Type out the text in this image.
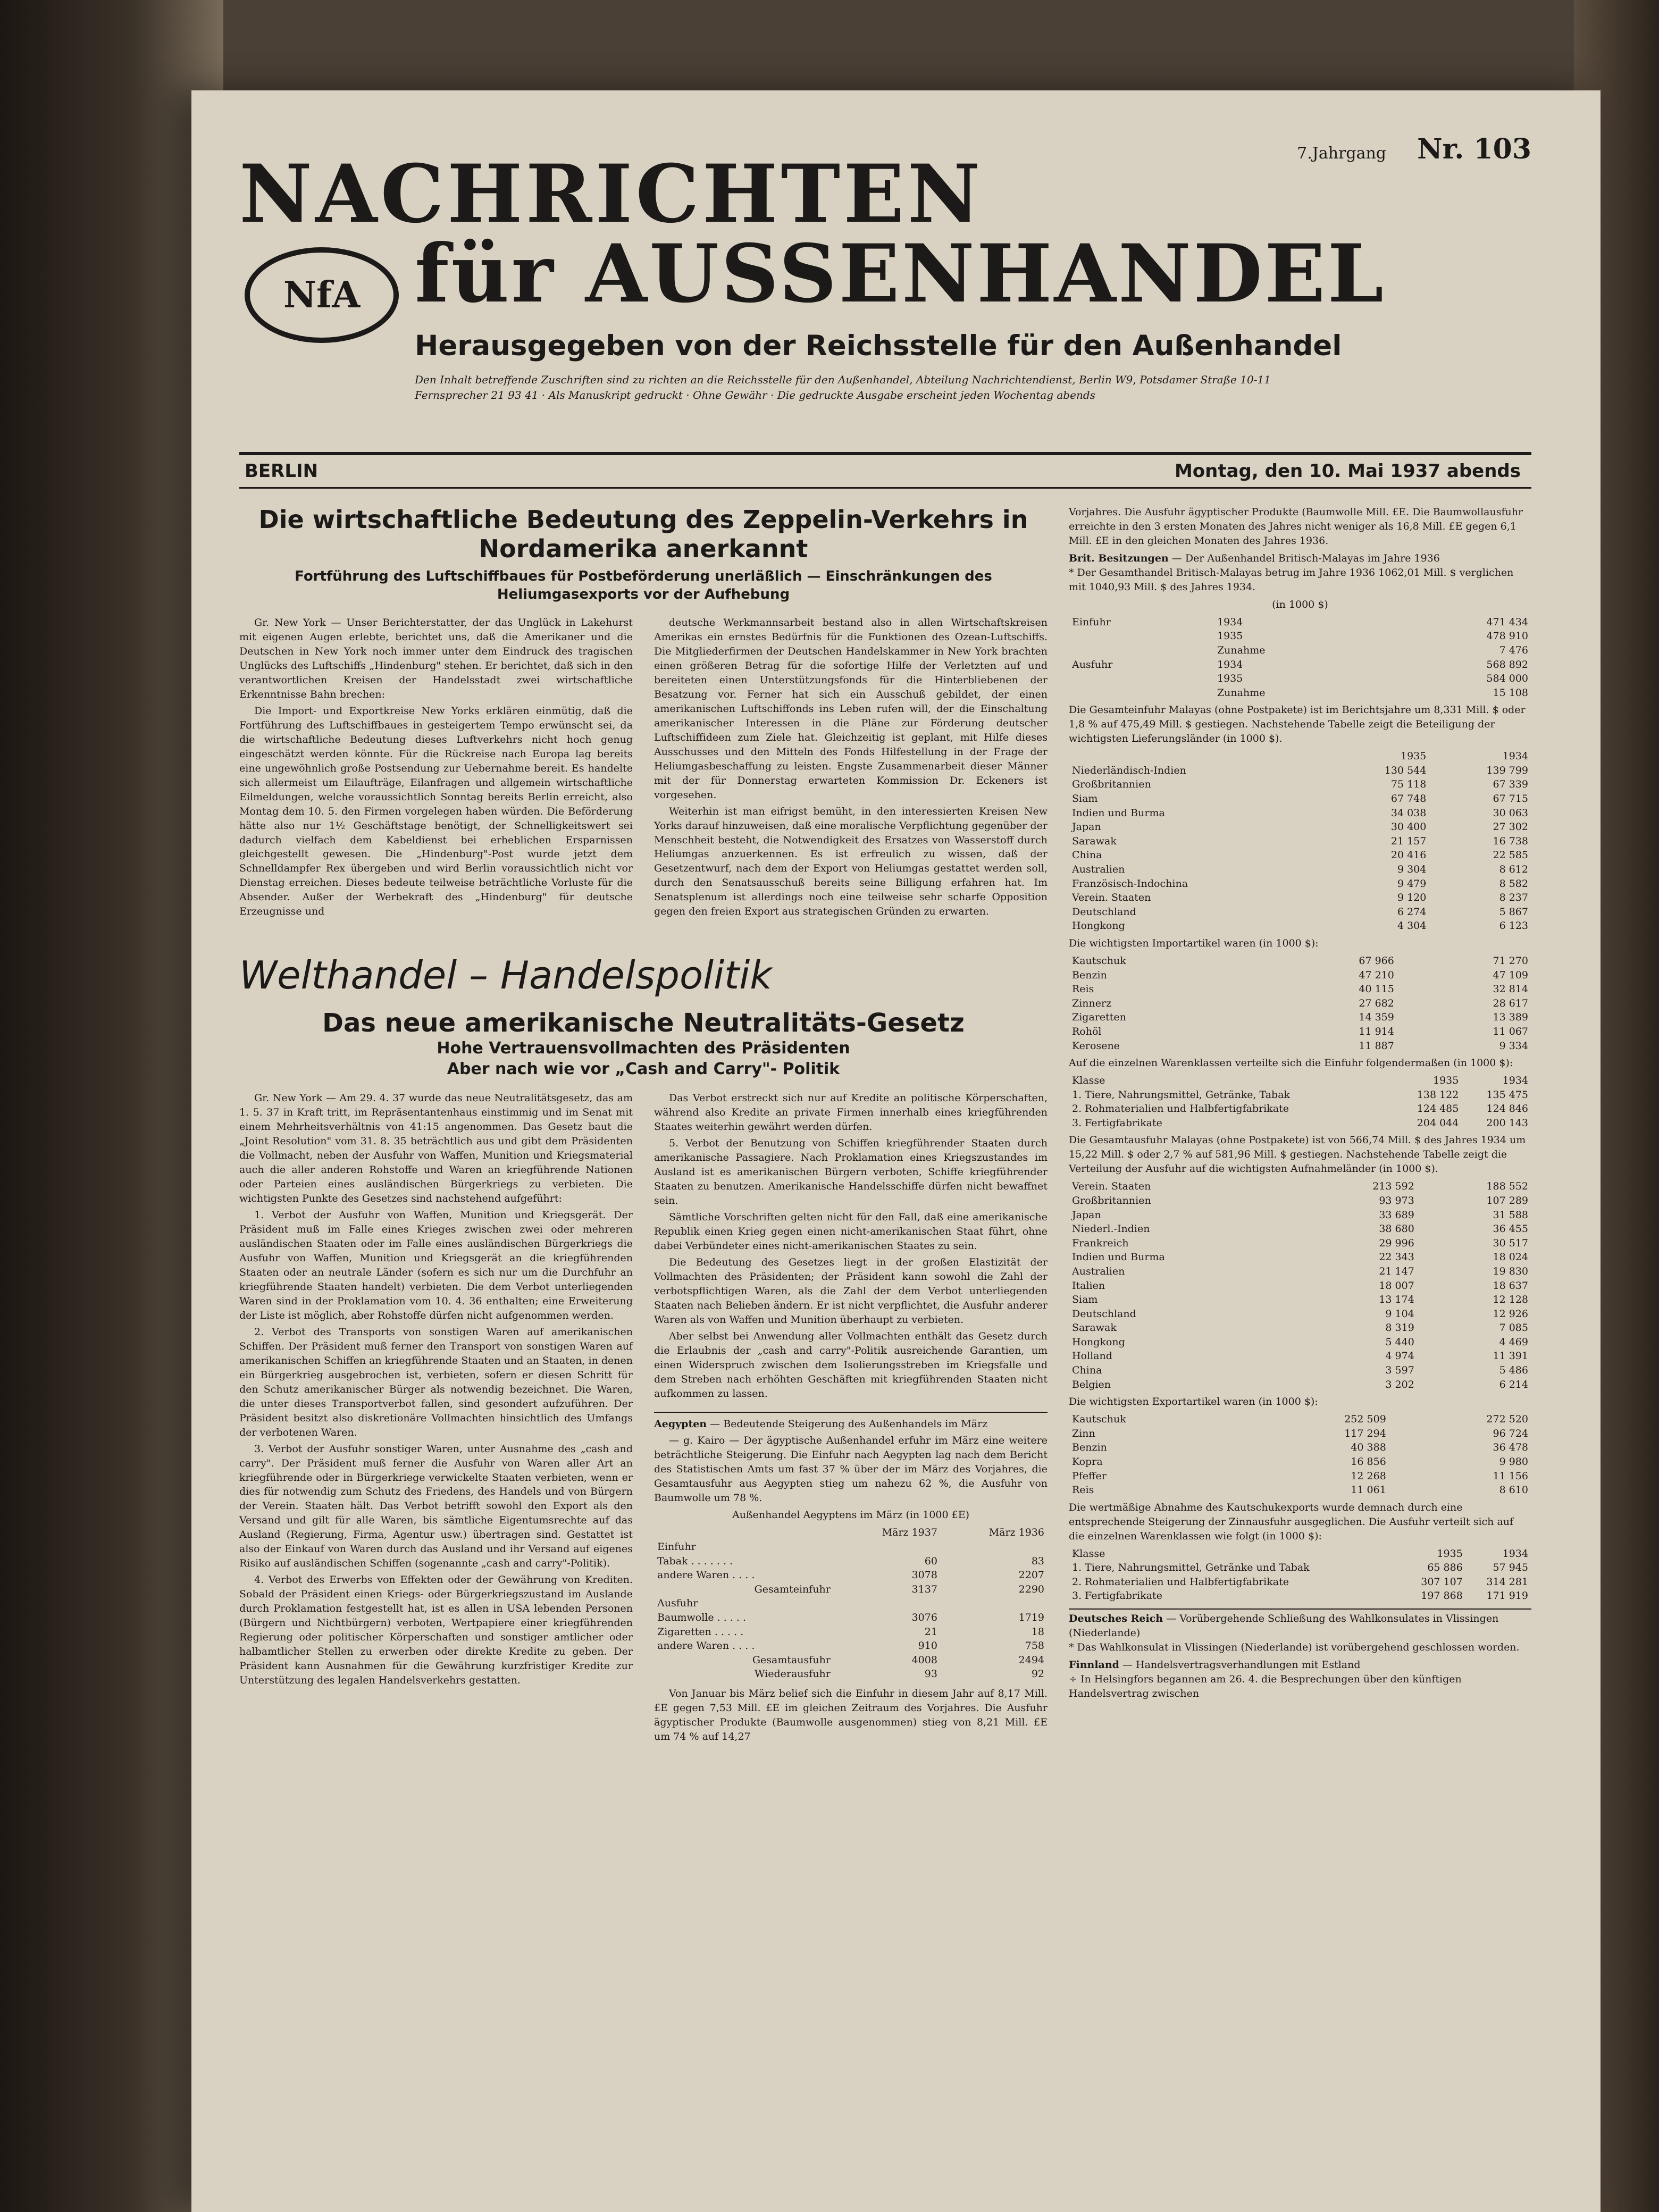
NACHRICHTEN
NfA für AUSSENHANDEL
7.Jahrgang Nr. 103
Herausgegeben von der Reichsstelle für den Außenhandel
Den Inhalt betreffende Zuschriften sind zu richten an die Reichsstelle für den Außenhandel, Abteilung Nachrichtendienst, Berlin W9, Potsdamer Straße 10-11
Fernsprecher 21 93 41 · Als Manuskript gedruckt · Ohne Gewähr · Die gedruckte Ausgabe erscheint jeden Wochentag abends
BERLIN	Montag, den 10. Mai 1937 abends
Die wirtschaftliche Bedeutung des Zeppelin-Verkehrs in Nordamerika anerkannt
Fortführung des Luftschiffbaues für Postbeförderung unerläßlich — Einschränkungen des Heliumgasexports vor der Aufhebung

Gr. New York — Unser Berichterstatter, der das Unglück in Lakehurst mit eigenen Augen erlebte, berichtet uns, daß die Amerikaner und die Deutschen in New York noch immer unter dem Eindruck des tragischen Unglücks des Luftschiffs „Hindenburg" stehen. Er berichtet, daß sich in den verantwortlichen Kreisen der Handelsstadt zwei wirtschaftliche Erkenntnisse Bahn brechen:

Die Import- und Exportkreise New Yorks erklären einmütig, daß die Fortführung des Luftschiffbaues in gesteigertem Tempo erwünscht sei, da die wirtschaftliche Bedeutung dieses Luftverkehrs nicht hoch genug eingeschätzt werden könnte. Für die Rückreise nach Europa lag bereits eine ungewöhnlich große Postsendung zur Uebernahme bereit. Es handelte sich allermeist um Eilaufträge, Eilanfragen und allgemein wirtschaftliche Eilmeldungen, welche voraussichtlich Sonntag bereits Berlin erreicht, also Montag dem 10. 5. den Firmen vorgelegen haben würden. Die Beförderung hätte also nur 1½ Geschäftstage benötigt, der Schnelligkeitswert sei dadurch vielfach dem Kabeldienst bei erheblichen Ersparnissen gleichgestellt gewesen. Die „Hindenburg"-Post wurde jetzt dem Schnelldampfer Rex übergeben und wird Berlin voraussichtlich nicht vor Dienstag erreichen. Dieses bedeute teilweise beträchtliche Vorluste für die Absender. Außer der Werbekraft des „Hindenburg" für deutsche Erzeugnisse und

deutsche Werkmannsarbeit bestand also in allen Wirtschaftskreisen Amerikas ein ernstes Bedürfnis für die Funktionen des Ozean-Luftschiffs. Die Mitgliederfirmen der Deutschen Handelskammer in New York brachten einen größeren Betrag für die sofortige Hilfe der Verletzten auf und bereiteten einen Unterstützungsfonds für die Hinterbliebenen der Besatzung vor. Ferner hat sich ein Ausschuß gebildet, der einen amerikanischen Luftschiffonds ins Leben rufen will, der die Einschaltung amerikanischer Interessen in die Pläne zur Förderung deutscher Luftschiffideen zum Ziele hat. Gleichzeitig ist geplant, mit Hilfe dieses Ausschusses und den Mitteln des Fonds Hilfestellung in der Frage der Heliumgasbeschaffung zu leisten. Engste Zusammenarbeit dieser Männer mit der für Donnerstag erwarteten Kommission Dr. Eckeners ist vorgesehen.

Weiterhin ist man eifrigst bemüht, in den interessierten Kreisen New Yorks darauf hinzuweisen, daß eine moralische Verpflichtung gegenüber der Menschheit besteht, die Notwendigkeit des Ersatzes von Wasserstoff durch Heliumgas anzuerkennen. Es ist erfreulich zu wissen, daß der Gesetzentwurf, nach dem der Export von Heliumgas gestattet werden soll, durch den Senatsausschuß bereits seine Billigung erfahren hat. Im Senatsplenum ist allerdings noch eine teilweise sehr scharfe Opposition gegen den freien Export aus strategischen Gründen zu erwarten.

Welthandel – Handelspolitik
Das neue amerikanische Neutralitäts-Gesetz
Hohe Vertrauensvollmachten des Präsidenten
Aber nach wie vor „Cash and Carry"- Politik

Gr. New York — Am 29. 4. 37 wurde das neue Neutralitätsgesetz, das am 1. 5. 37 in Kraft tritt, im Repräsentantenhaus einstimmig und im Senat mit einem Mehrheitsverhältnis von 41:15 angenommen. Das Gesetz baut die „Joint Resolution" vom 31. 8. 35 beträchtlich aus und gibt dem Präsidenten die Vollmacht, neben der Ausfuhr von Waffen, Munition und Kriegsmaterial auch die aller anderen Rohstoffe und Waren an kriegführende Nationen oder Parteien eines ausländischen Bürgerkriegs zu verbieten. Die wichtigsten Punkte des Gesetzes sind nachstehend aufgeführt:

1. Verbot der Ausfuhr von Waffen, Munition und Kriegsgerät. Der Präsident muß im Falle eines Krieges zwischen zwei oder mehreren ausländischen Staaten oder im Falle eines ausländischen Bürgerkriegs die Ausfuhr von Waffen, Munition und Kriegsgerät an die kriegführenden Staaten oder an neutrale Länder (sofern es sich nur um die Durchfuhr an kriegführende Staaten handelt) verbieten. Die dem Verbot unterliegenden Waren sind in der Proklamation vom 10. 4. 36 enthalten; eine Erweiterung der Liste ist möglich, aber Rohstoffe dürfen nicht aufgenommen werden.

2. Verbot des Transports von sonstigen Waren auf amerikanischen Schiffen. Der Präsident muß ferner den Transport von sonstigen Waren auf amerikanischen Schiffen an kriegführende Staaten und an Staaten, in denen ein Bürgerkrieg ausgebrochen ist, verbieten, sofern er diesen Schritt für den Schutz amerikanischer Bürger als notwendig bezeichnet. Die Waren, die unter dieses Transportverbot fallen, sind gesondert aufzuführen. Der Präsident besitzt also diskretionäre Vollmachten hinsichtlich des Umfangs der verbotenen Waren.

3. Verbot der Ausfuhr sonstiger Waren, unter Ausnahme des „cash and carry". Der Präsident muß ferner die Ausfuhr von Waren aller Art an kriegführende oder in Bürgerkriege verwickelte Staaten verbieten, wenn er dies für notwendig zum Schutz des Friedens, des Handels und von Bürgern der Verein. Staaten hält. Das Verbot betrifft sowohl den Export als den Versand und gilt für alle Waren, bis sämtliche Eigentumsrechte auf das Ausland (Regierung, Firma, Agentur usw.) übertragen sind. Gestattet ist also der Einkauf von Waren durch das Ausland und ihr Versand auf eigenes Risiko auf ausländischen Schiffen (sogenannte „cash and carry"-Politik).

4. Verbot des Erwerbs von Effekten oder der Gewährung von Krediten. Sobald der Präsident einen Kriegs- oder Bürgerkriegszustand im Auslande durch Proklamation festgestellt hat, ist es allen in USA lebenden Personen (Bürgern und Nichtbürgern) verboten, Wertpapiere einer kriegführenden Regierung oder politischer Körperschaften und sonstiger amtlicher oder halbamtlicher Stellen zu erwerben oder direkte Kredite zu geben. Der Präsident kann Ausnahmen für die Gewährung kurzfristiger Kredite zur Unterstützung des legalen Handelsverkehrs gestatten.

Das Verbot erstreckt sich nur auf Kredite an politische Körperschaften, während also Kredite an private Firmen innerhalb eines kriegführenden Staates weiterhin gewährt werden dürfen.

5. Verbot der Benutzung von Schiffen kriegführender Staaten durch amerikanische Passagiere. Nach Proklamation eines Kriegszustandes im Ausland ist es amerikanischen Bürgern verboten, Schiffe kriegführender Staaten zu benutzen. Amerikanische Handelsschiffe dürfen nicht bewaffnet sein.

Sämtliche Vorschriften gelten nicht für den Fall, daß eine amerikanische Republik einen Krieg gegen einen nicht-amerikanischen Staat führt, ohne dabei Verbündeter eines nicht-amerikanischen Staates zu sein.

Die Bedeutung des Gesetzes liegt in der großen Elastizität der Vollmachten des Präsidenten; der Präsident kann sowohl die Zahl der verbotspflichtigen Waren, als die Zahl der dem Verbot unterliegenden Staaten nach Belieben ändern. Er ist nicht verpflichtet, die Ausfuhr anderer Waren als von Waffen und Munition überhaupt zu verbieten.

Aber selbst bei Anwendung aller Vollmachten enthält das Gesetz durch die Erlaubnis der „cash and carry"-Politik ausreichende Garantien, um einen Widerspruch zwischen dem Isolierungsstreben im Kriegsfalle und dem Streben nach erhöhten Geschäften mit kriegführenden Staaten nicht aufkommen zu lassen.

Aegypten — Bedeutende Steigerung des Außenhandels im März

— g. Kairo — Der ägyptische Außenhandel erfuhr im März eine weitere beträchtliche Steigerung. Die Einfuhr nach Aegypten lag nach dem Bericht des Statistischen Amts um fast 37 % über der im März des Vorjahres, die Gesamtausfuhr aus Aegypten stieg um nahezu 62 %, die Ausfuhr von Baumwolle um 78 %.

Außenhandel Aegyptens im März (in 1000 £E)
	März 1937	März 1936
Einfuhr		
Tabak . . . . . . .	60	83
andere Waren . . . .	3078	2207
Gesamteinfuhr	3137	2290
Ausfuhr		
Baumwolle . . . . .	3076	1719
Zigaretten . . . . .	21	18
andere Waren . . . .	910	758
Gesamtausfuhr	4008	2494
Wiederausfuhr	93	92

Von Januar bis März belief sich die Einfuhr in diesem Jahr auf 8,17 Mill. £E gegen 7,53 Mill. £E im gleichen Zeitraum des Vorjahres. Die Ausfuhr ägyptischer Produkte (Baumwolle ausgenommen) stieg von 8,21 Mill. £E um 74 % auf 14,27

Vorjahres. Die Ausfuhr ägyptischer Produkte (Baumwolle Mill. £E. Die Baumwollausfuhr erreichte in den 3 ersten Monaten des Jahres nicht weniger als 16,8 Mill. £E gegen 6,1 Mill. £E in den gleichen Monaten des Jahres 1936.

Brit. Besitzungen — Der Außenhandel Britisch-Malayas im Jahre 1936

* Der Gesamthandel Britisch-Malayas betrug im Jahre 1936 1062,01 Mill. $ verglichen mit 1040,93 Mill. $ des Jahres 1934.

(in 1000 $)
Einfuhr	1934	471 434
	1935	478 910
	Zunahme	7 476
Ausfuhr	1934	568 892
	1935	584 000
	Zunahme	15 108

Die Gesamteinfuhr Malayas (ohne Postpakete) ist im Berichtsjahre um 8,331 Mill. $ oder 1,8 % auf 475,49 Mill. $ gestiegen. Nachstehende Tabelle zeigt die Beteiligung der wichtigsten Lieferungsländer (in 1000 $).

	1935	1934
Niederländisch-Indien	130 544	139 799
Großbritannien	75 118	67 339
Siam	67 748	67 715
Indien und Burma	34 038	30 063
Japan	30 400	27 302
Sarawak	21 157	16 738
China	20 416	22 585
Australien	9 304	8 612
Französisch-Indochina	9 479	8 582
Verein. Staaten	9 120	8 237
Deutschland	6 274	5 867
Hongkong	4 304	6 123
Die wichtigsten Importartikel waren (in 1000 $):
Kautschuk	67 966	71 270
Benzin	47 210	47 109
Reis	40 115	32 814
Zinnerz	27 682	28 617
Zigaretten	14 359	13 389
Rohöl	11 914	11 067
Kerosene	11 887	9 334

Auf die einzelnen Warenklassen verteilte sich die Einfuhr folgendermaßen (in 1000 $):

Klasse	1935	1934
1. Tiere, Nahrungsmittel, Getränke, Tabak	138 122	135 475
2. Rohmaterialien und Halbfertigfabrikate	124 485	124 846
3. Fertigfabrikate	204 044	200 143

Die Gesamtausfuhr Malayas (ohne Postpakete) ist von 566,74 Mill. $ des Jahres 1934 um 15,22 Mill. $ oder 2,7 % auf 581,96 Mill. $ gestiegen. Nachstehende Tabelle zeigt die Verteilung der Ausfuhr auf die wichtigsten Aufnahmeländer (in 1000 $).

Verein. Staaten	213 592	188 552
Großbritannien	93 973	107 289
Japan	33 689	31 588
Niederl.-Indien	38 680	36 455
Frankreich	29 996	30 517
Indien und Burma	22 343	18 024
Australien	21 147	19 830
Italien	18 007	18 637
Siam	13 174	12 128
Deutschland	9 104	12 926
Sarawak	8 319	7 085
Hongkong	5 440	4 469
Holland	4 974	11 391
China	3 597	5 486
Belgien	3 202	6 214
Die wichtigsten Exportartikel waren (in 1000 $):
Kautschuk	252 509	272 520
Zinn	117 294	96 724
Benzin	40 388	36 478
Kopra	16 856	9 980
Pfeffer	12 268	11 156
Reis	11 061	8 610

Die wertmäßige Abnahme des Kautschukexports wurde demnach durch eine entsprechende Steigerung der Zinnausfuhr ausgeglichen. Die Ausfuhr verteilt sich auf die einzelnen Warenklassen wie folgt (in 1000 $):

Klasse	1935	1934
1. Tiere, Nahrungsmittel, Getränke und Tabak	65 886	57 945
2. Rohmaterialien und Halbfertigfabrikate	307 107	314 281
3. Fertigfabrikate	197 868	171 919
Deutsches Reich — Vorübergehende Schließung des Wahlkonsulates in Vlissingen (Niederlande)

* Das Wahlkonsulat in Vlissingen (Niederlande) ist vorübergehend geschlossen worden.

Finnland — Handelsvertragsverhandlungen mit Estland

÷ In Helsingfors begannen am 26. 4. die Besprechungen über den künftigen Handelsvertrag zwischen
